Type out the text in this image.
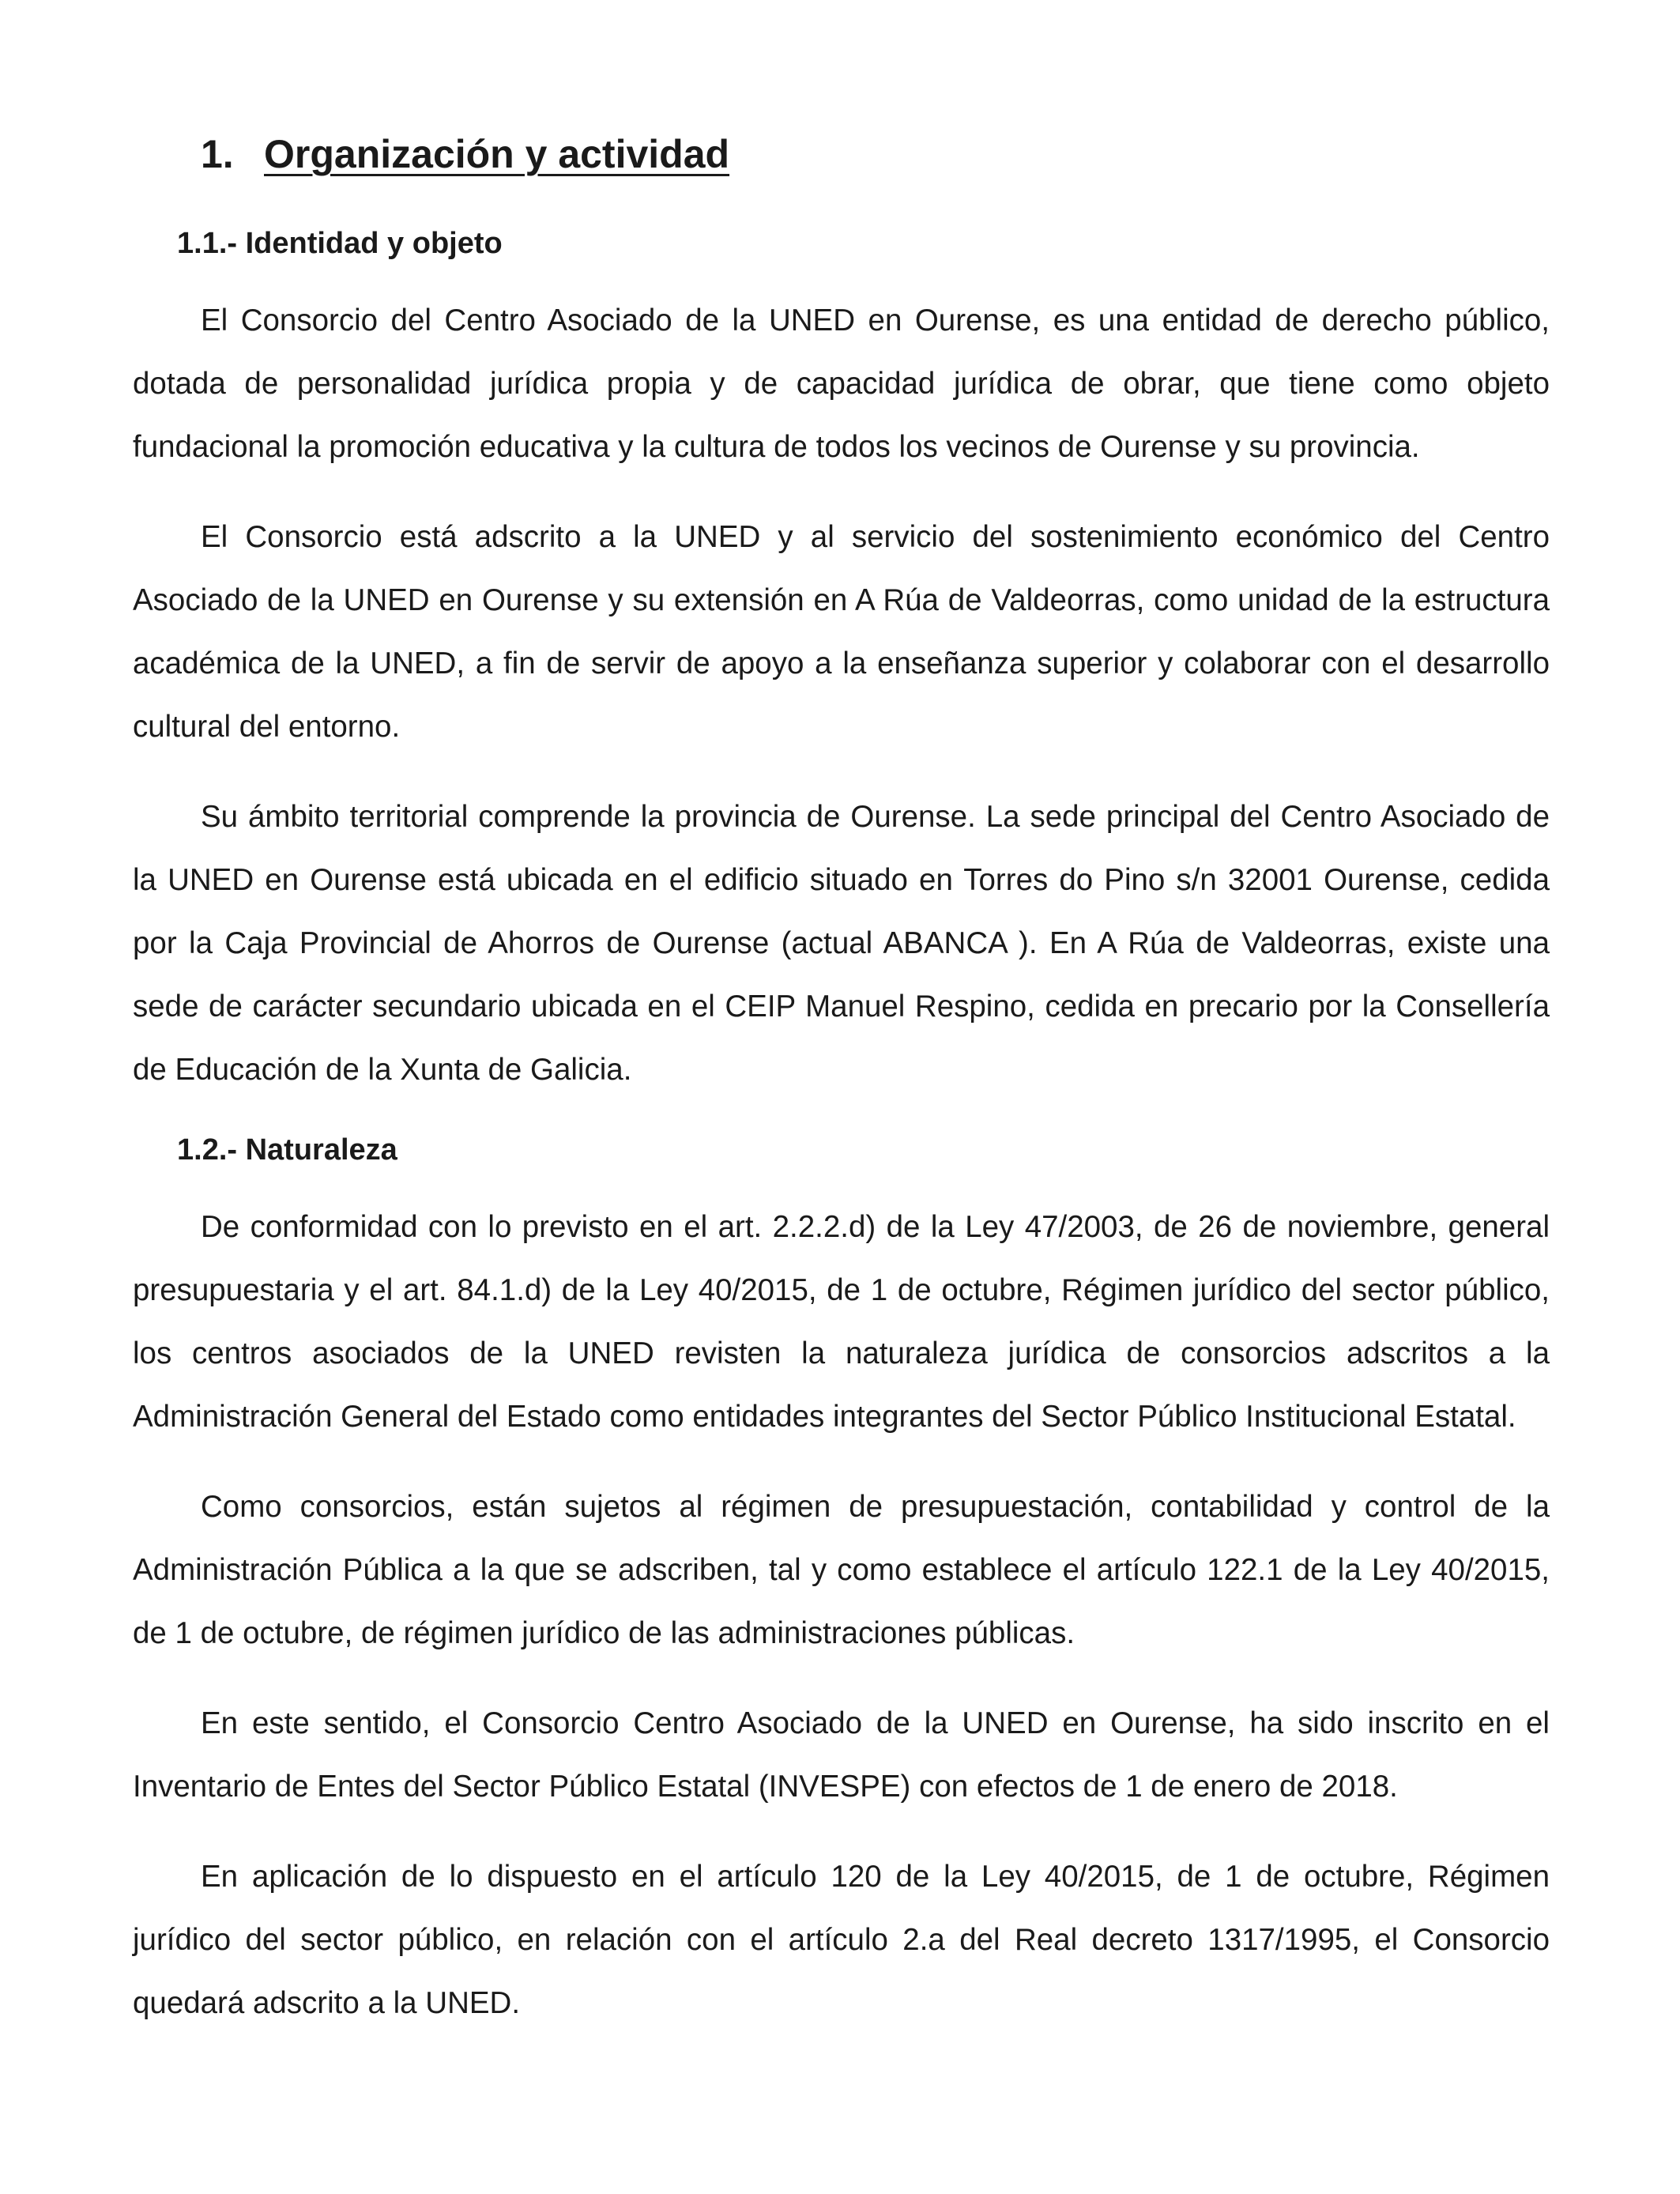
1. Organización y actividad
1.1.- Identidad y objeto

El Consorcio del Centro Asociado de la UNED en Ourense, es una entidad de derecho público, dotada de personalidad jurídica propia y de capacidad jurídica de obrar, que tiene como objeto fundacional la promoción educativa y la cultura de todos los vecinos de Ourense y su provincia.

El Consorcio está adscrito a la UNED y al servicio del sostenimiento económico del Centro Asociado de la UNED en Ourense y su extensión en A Rúa de Valdeorras, como unidad de la estructura académica de la UNED, a fin de servir de apoyo a la enseñanza superior y colaborar con el desarrollo cultural del entorno.

Su ámbito territorial comprende la provincia de Ourense. La sede principal del Centro Asociado de la UNED en Ourense está ubicada en el edificio situado en Torres do Pino s/n 32001 Ourense, cedida por la Caja Provincial de Ahorros de Ourense (actual ABANCA ). En A Rúa de Valdeorras, existe una sede de carácter secundario ubicada en el CEIP Manuel Respino, cedida en precario por la Consellería de Educación de la Xunta de Galicia.

1.2.- Naturaleza

De conformidad con lo previsto en el art. 2.2.2.d) de la Ley 47/2003, de 26 de noviembre, general presupuestaria y el art. 84.1.d) de la Ley 40/2015, de 1 de octubre, Régimen jurídico del sector público, los centros asociados de la UNED revisten la naturaleza jurídica de consorcios adscritos a la Administración General del Estado como entidades integrantes del Sector Público Institucional Estatal.

Como consorcios, están sujetos al régimen de presupuestación, contabilidad y control de la Administración Pública a la que se adscriben, tal y como establece el artículo 122.1 de la Ley 40/2015, de 1 de octubre, de régimen jurídico de las administraciones públicas.

En este sentido, el Consorcio Centro Asociado de la UNED en Ourense, ha sido inscrito en el Inventario de Entes del Sector Público Estatal (INVESPE) con efectos de 1 de enero de 2018.

En aplicación de lo dispuesto en el artículo 120 de la Ley 40/2015, de 1 de octubre, Régimen jurídico del sector público, en relación con el artículo 2.a del Real decreto 1317/1995, el Consorcio quedará adscrito a la UNED.
